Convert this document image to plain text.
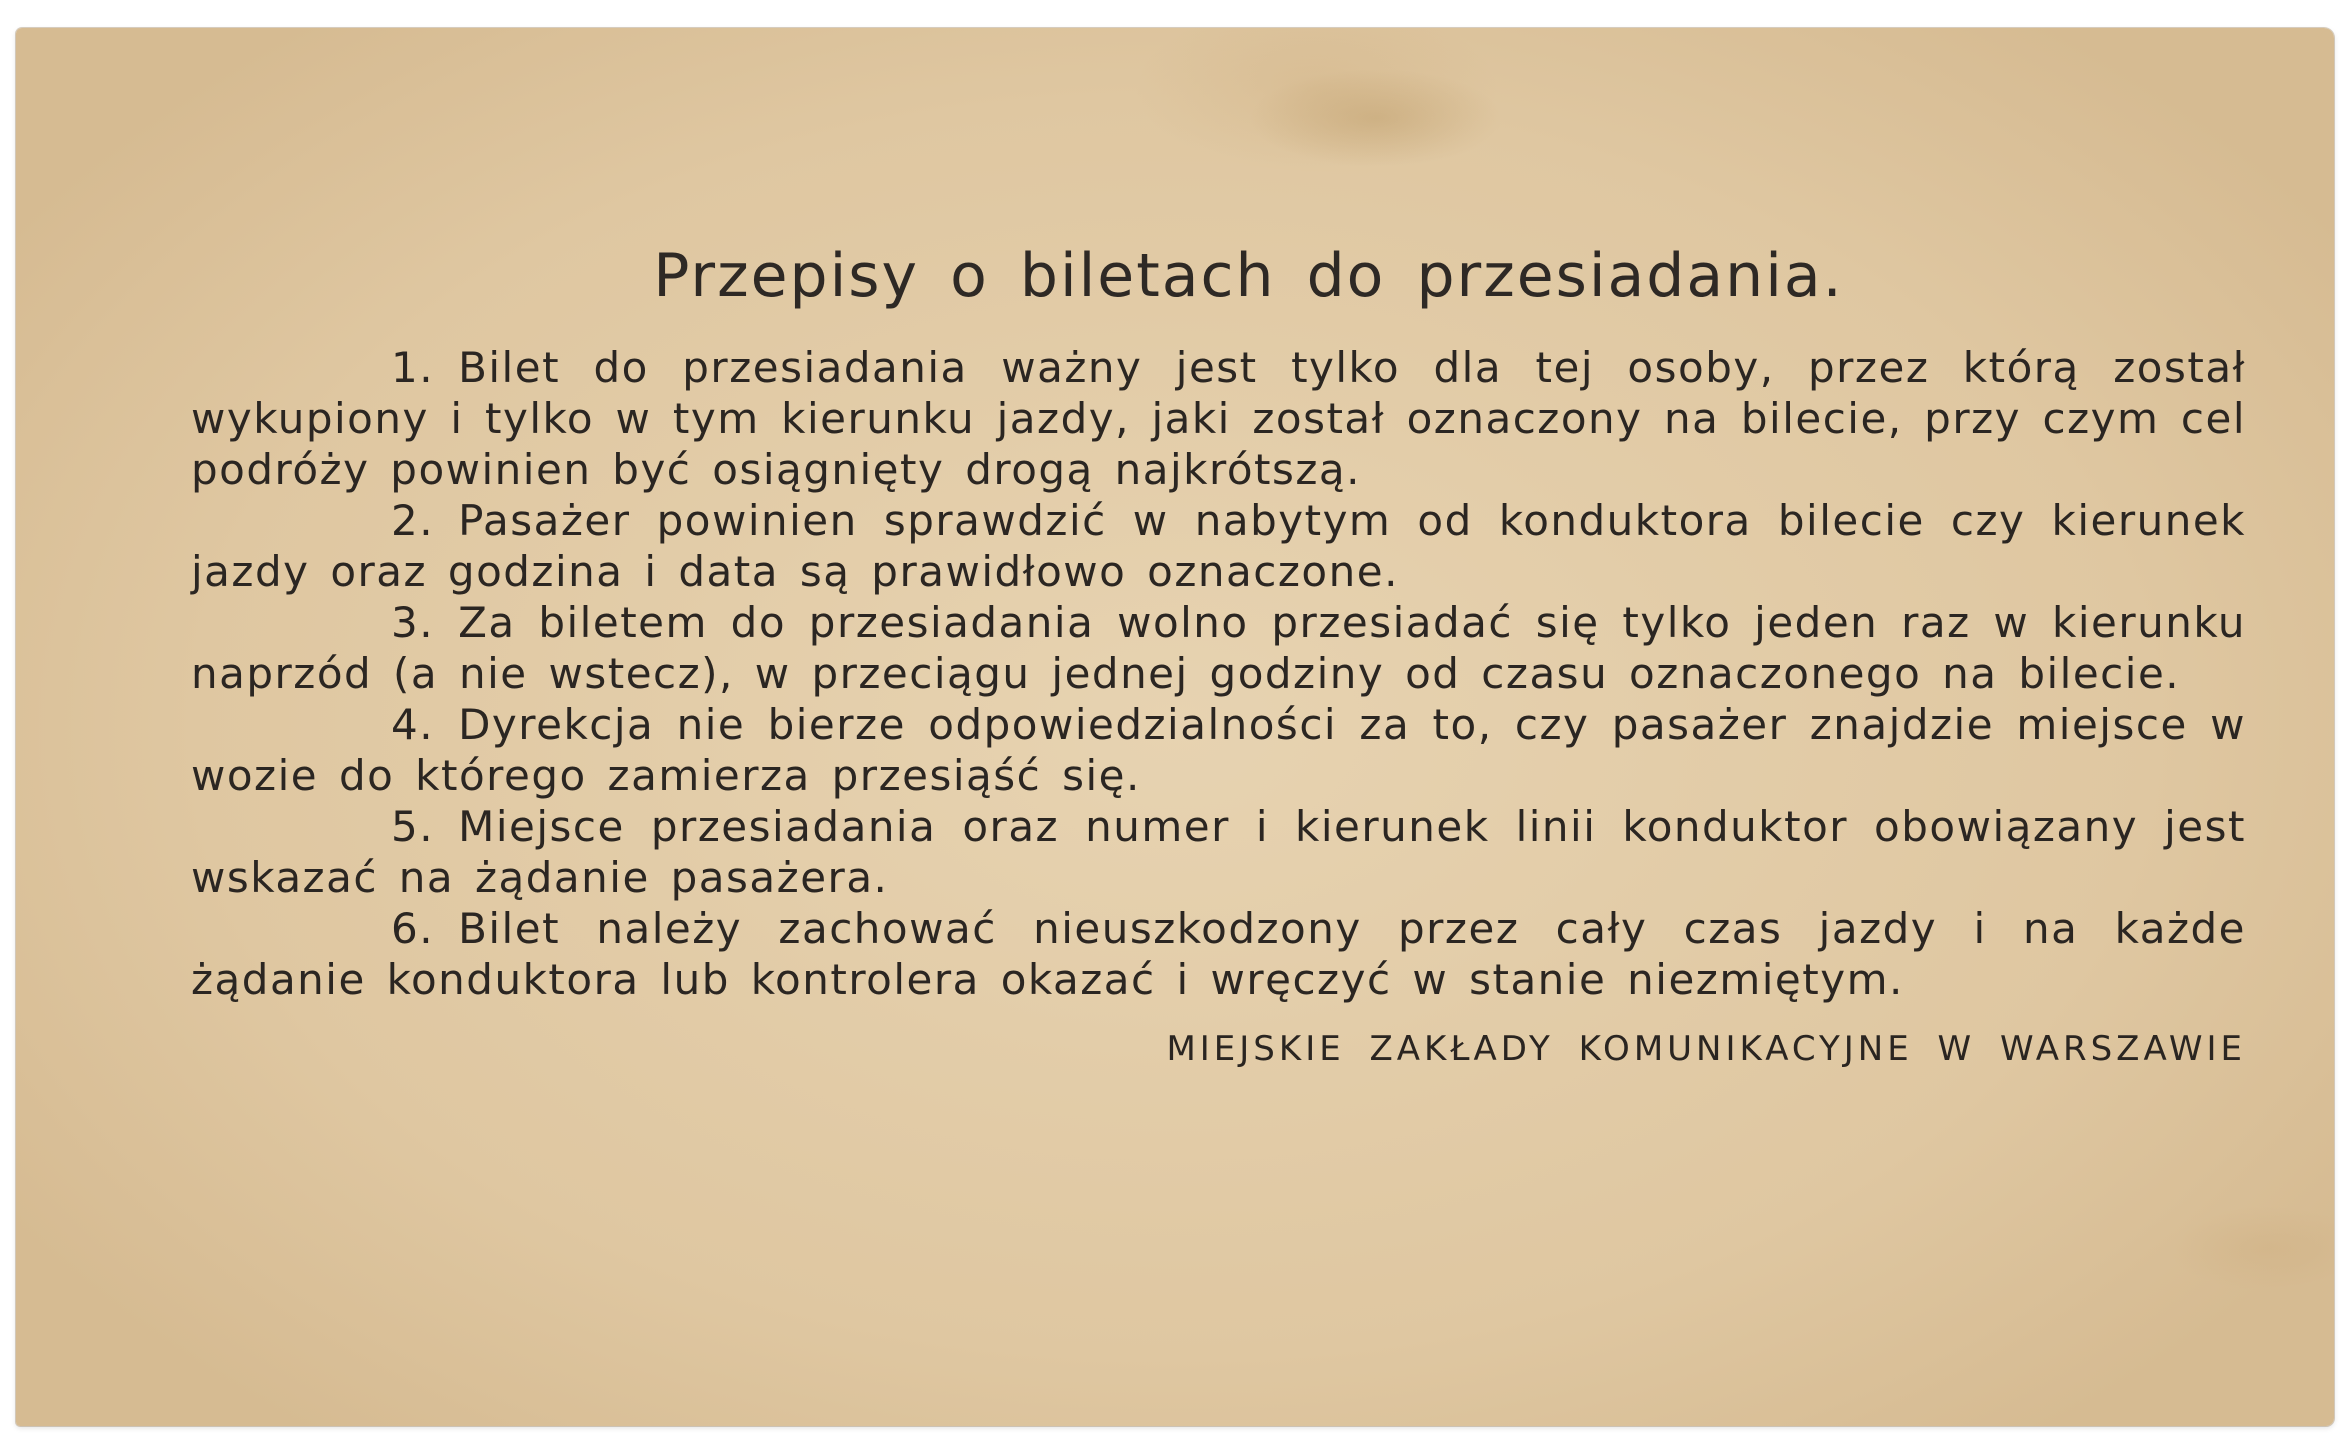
Przepisy o biletach do przesiadania.
1. Bilet do przesiadania ważny jest tylko dla tej osoby, przez którą został wykupiony i tylko w tym kierunku jazdy, jaki został oznaczony na bilecie, przy czym cel podróży powinien być osiągnięty drogą najkrótszą.
2. Pasażer powinien sprawdzić w nabytym od konduktora bilecie czy kierunek jazdy oraz godzina i data są prawidłowo oznaczone.
3. Za biletem do przesiadania wolno przesiadać się tylko jeden raz w kierunku naprzód (a nie wstecz), w przeciągu jednej godziny od czasu oznaczonego na bilecie.
4. Dyrekcja nie bierze odpowiedzialności za to, czy pasażer znajdzie miejsce w wozie do którego zamierza przesiąść się.
5. Miejsce przesiadania oraz numer i kierunek linii konduktor obowiązany jest wskazać na żądanie pasażera.
6. Bilet należy zachować nieuszkodzony przez cały czas jazdy i na każde żądanie konduktora lub kontrolera okazać i wręczyć w stanie niezmiętym.
MIEJSKIE ZAKŁADY KOMUNIKACYJNE W WARSZAWIE
